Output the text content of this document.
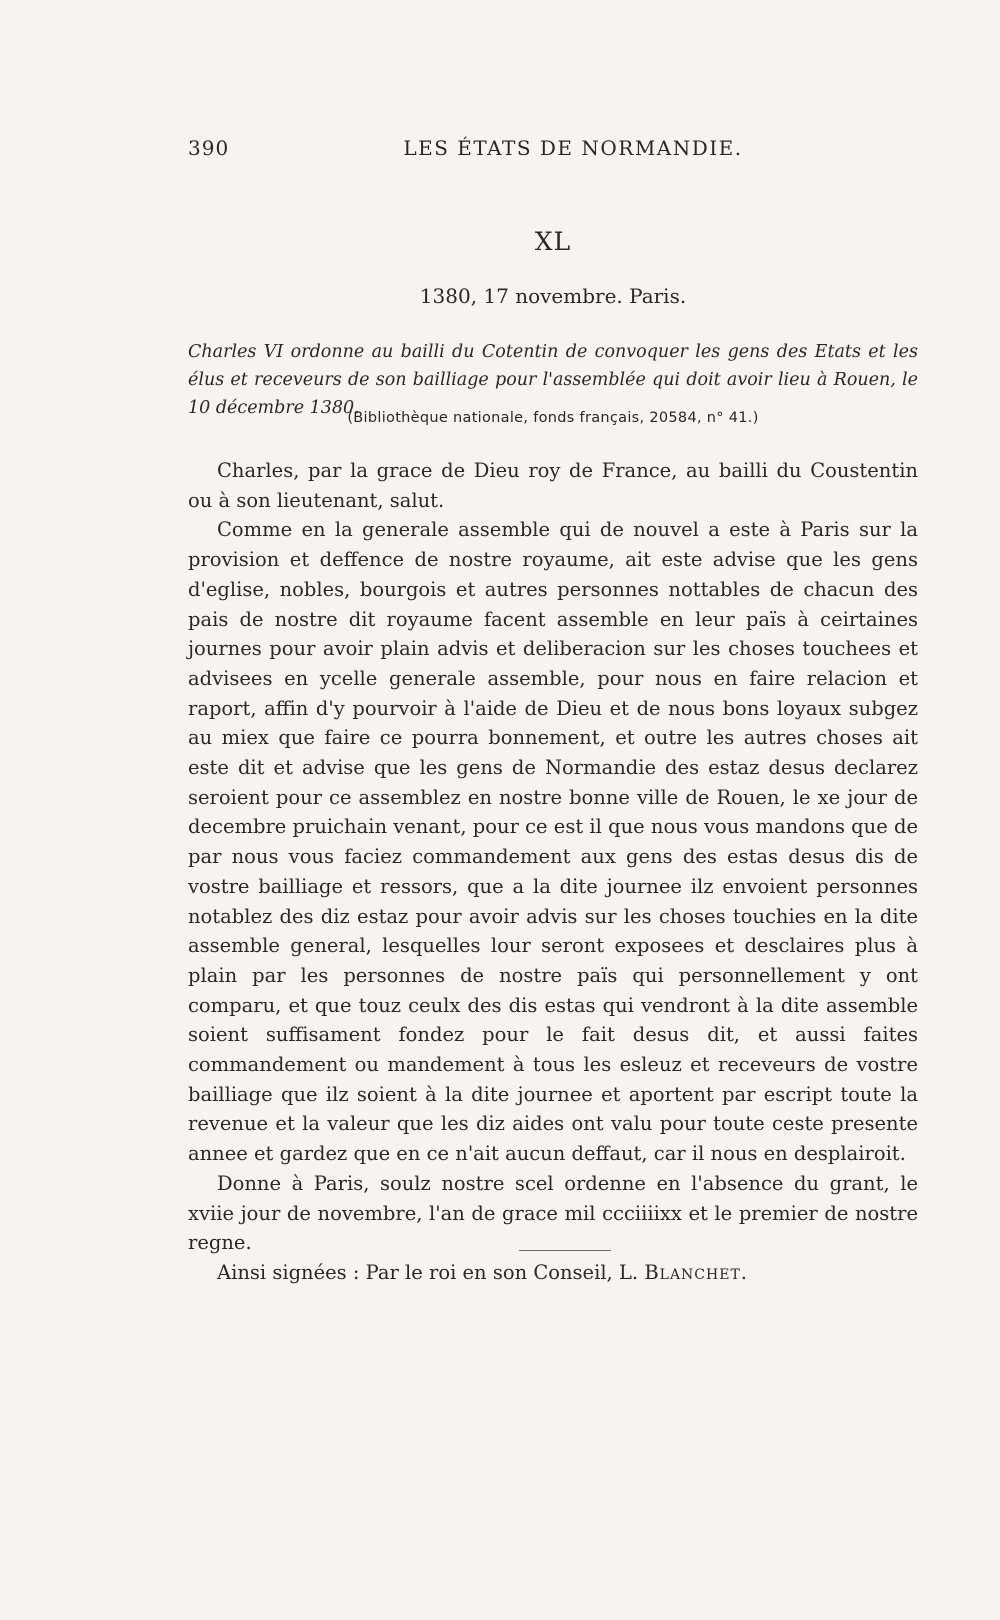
390	LES ÉTATS DE NORMANDIE.
XL
1380, 17 novembre. Paris.
Charles VI ordonne au bailli du Cotentin de convoquer les gens des Etats et les élus et receveurs de son bailliage pour l'assemblée qui doit avoir lieu à Rouen, le 10 décembre 1380.
(Bibliothèque nationale, fonds français, 20584, n° 41.)

Charles, par la grace de Dieu roy de France, au bailli du Coustentin ou à son lieutenant, salut.

Comme en la generale assemble qui de nouvel a este à Paris sur la provision et deffence de nostre royaume, ait este advise que les gens d'eglise, nobles, bourgois et autres personnes nottables de chacun des pais de nostre dit royaume facent assemble en leur païs à ceirtaines journes pour avoir plain advis et deliberacion sur les choses touchees et advisees en ycelle generale assemble, pour nous en faire relacion et raport, affin d'y pourvoir à l'aide de Dieu et de nous bons loyaux subgez au miex que faire ce pourra bonnement, et outre les autres choses ait este dit et advise que les gens de Normandie des estaz desus declarez seroient pour ce assemblez en nostre bonne ville de Rouen, le xe jour de decembre pruichain venant, pour ce est il que nous vous mandons que de par nous vous faciez commandement aux gens des estas desus dis de vostre bailliage et ressors, que a la dite journee ilz envoient personnes notablez des diz estaz pour avoir advis sur les choses touchies en la dite assemble general, lesquelles lour seront exposees et desclaires plus à plain par les personnes de nostre païs qui personnellement y ont comparu, et que touz ceulx des dis estas qui vendront à la dite assemble soient suffisament fondez pour le fait desus dit, et aussi faites commandement ou mandement à tous les esleuz et receveurs de vostre bailliage que ilz soient à la dite journee et aportent par escript toute la revenue et la valeur que les diz aides ont valu pour toute ceste presente annee et gardez que en ce n'ait aucun deffaut, car il nous en desplairoit.

Donne à Paris, soulz nostre scel ordenne en l'absence du grant, le xviie jour de novembre, l'an de grace mil ccciiiixx et le premier de nostre regne.

Ainsi signées : Par le roi en son Conseil, L. Blanchet.
